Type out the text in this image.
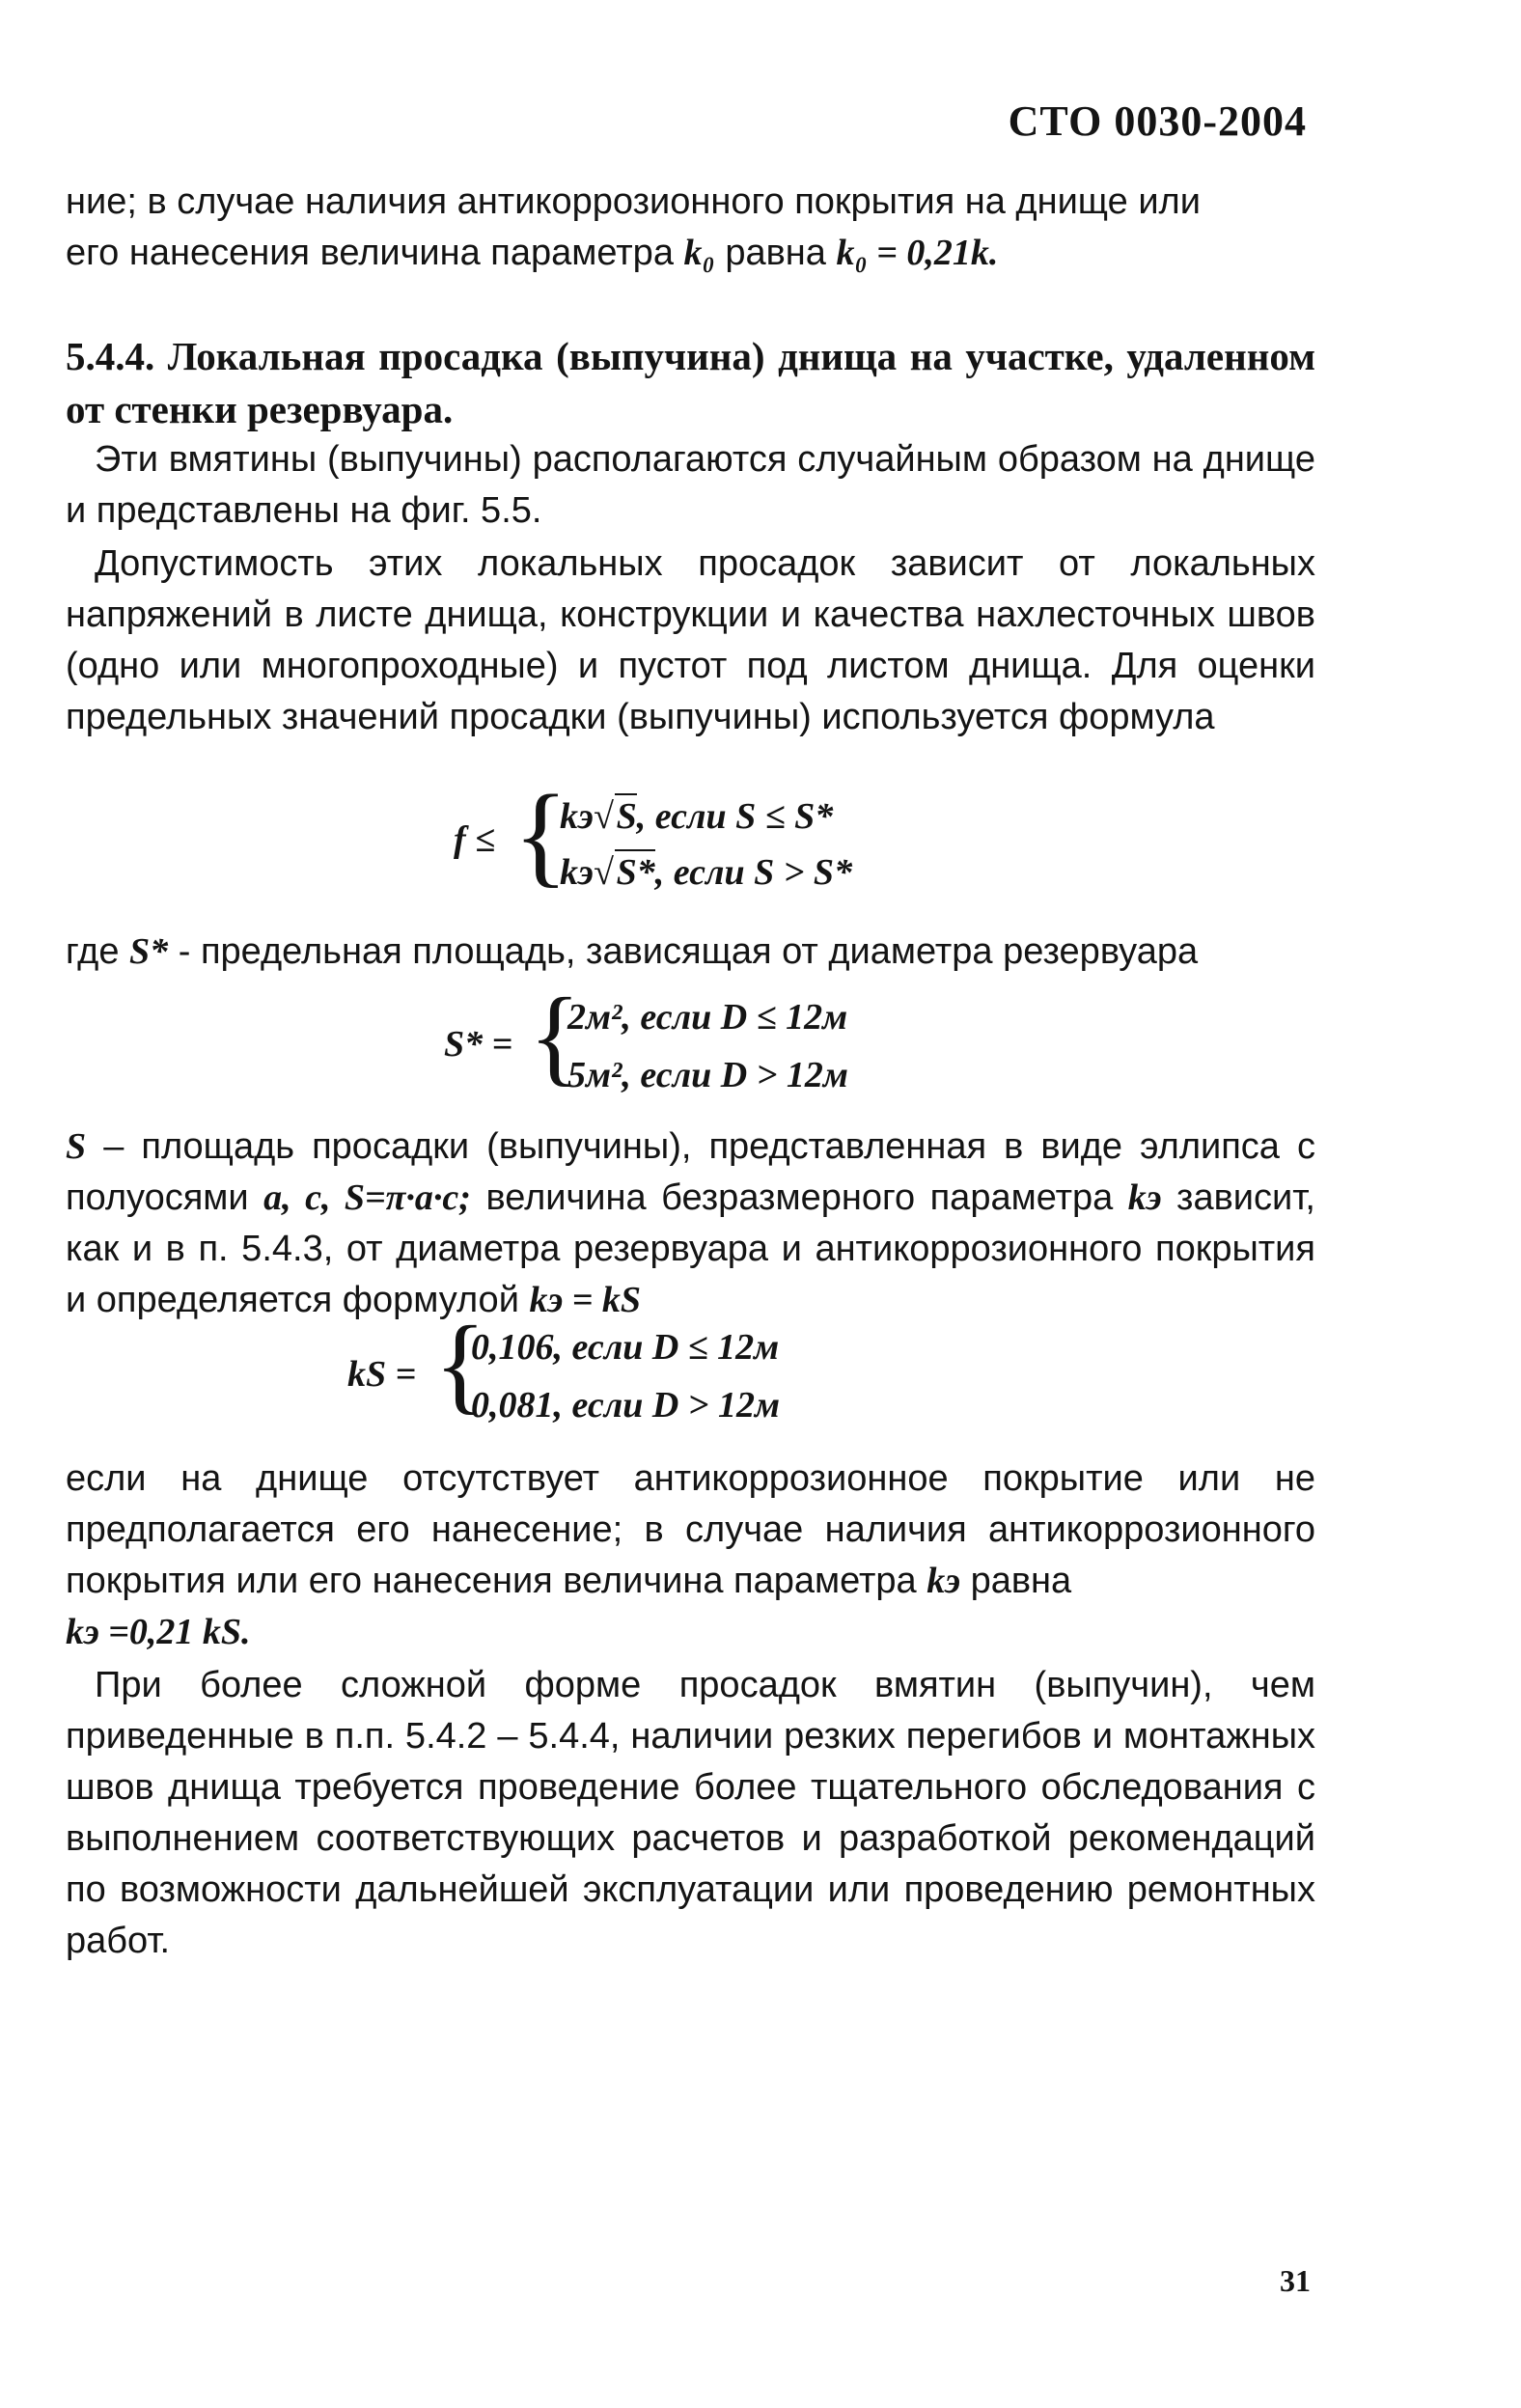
СТО 0030-2004
ние; в случае наличия антикоррозионного покрытия на днище или
его нанесения величина параметра k₀ равна k₀ = 0,21k.
5.4.4. Локальная просадка (выпучина) днища на участке, удаленном от стенки резервуара.
Эти вмятины (выпучины) располагаются случайным образом на днище и представлены на фиг. 5.5.
Допустимость этих локальных просадок зависит от локальных напряжений в листе днища, конструкции и качества нахлесточных швов (одно или многопроходные) и пустот под листом днища. Для оценки предельных значений просадки (выпучины) используется формула
f ≤ {
kэ√S, если S ≤ S*
kэ√S*, если S > S*
где S* - предельная площадь, зависящая от диаметра резервуара
S* = {
2м², если D ≤ 12м
5м², если D > 12м
S – площадь просадки (выпучины), представленная в виде эллипса с полуосями a, c, S=π·a·c; величина безразмерного параметра kэ зависит, как и в п. 5.4.3, от диаметра резервуара и антикоррозионного покрытия и определяется формулой kэ = kS
kS = {
0,106, если D ≤ 12м
0,081, если D > 12м
если на днище отсутствует антикоррозионное покрытие или не предполагается его нанесение; в случае наличия антикоррозионного покрытия или его нанесения величина параметра kэ равна
kэ =0,21 kS.
При более сложной форме просадок вмятин (выпучин), чем приведенные в п.п. 5.4.2 – 5.4.4, наличии резких перегибов и монтажных швов днища требуется проведение более тщательного обследования с выполнением соответствующих расчетов и разработкой рекомендаций по возможности дальнейшей эксплуатации или проведению ремонтных работ.
31
